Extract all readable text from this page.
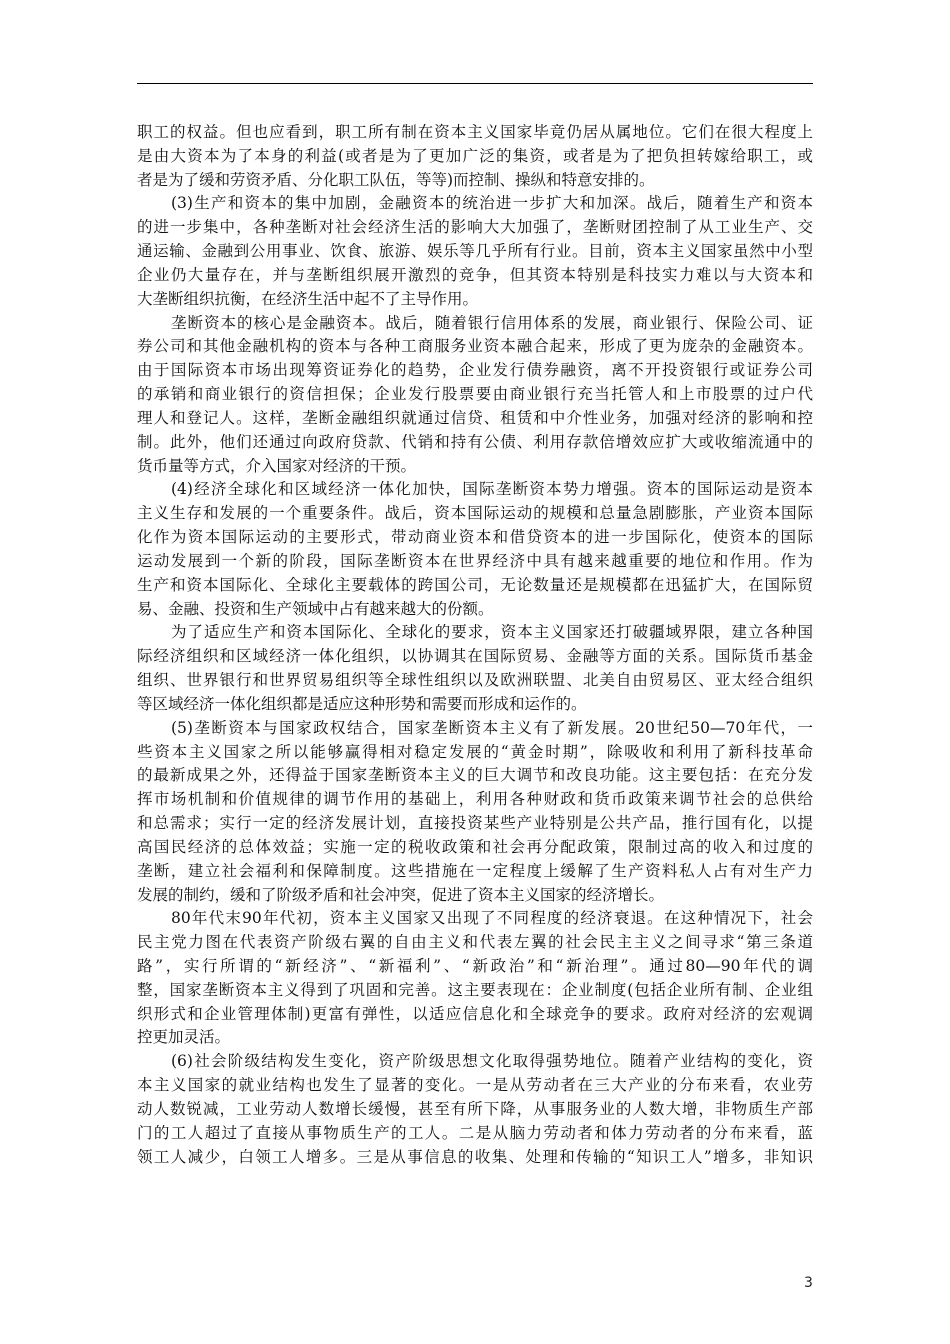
职工的权益。但也应看到，职工所有制在资本主义国家毕竟仍居从属地位。它们在很大程度上
是由大资本为了本身的利益(或者是为了更加广泛的集资，或者是为了把负担转嫁给职工，或
者是为了缓和劳资矛盾、分化职工队伍，等等)而控制、操纵和特意安排的。
(3)生产和资本的集中加剧，金融资本的统治进一步扩大和加深。战后，随着生产和资本
的进一步集中，各种垄断对社会经济生活的影响大大加强了，垄断财团控制了从工业生产、交
通运输、金融到公用事业、饮食、旅游、娱乐等几乎所有行业。目前，资本主义国家虽然中小型
企业仍大量存在，并与垄断组织展开激烈的竞争，但其资本特别是科技实力难以与大资本和
大垄断组织抗衡，在经济生活中起不了主导作用。
垄断资本的核心是金融资本。战后，随着银行信用体系的发展，商业银行、保险公司、证
券公司和其他金融机构的资本与各种工商服务业资本融合起来，形成了更为庞杂的金融资本。
由于国际资本市场出现筹资证券化的趋势，企业发行债券融资，离不开投资银行或证券公司
的承销和商业银行的资信担保；企业发行股票要由商业银行充当托管人和上市股票的过户代
理人和登记人。这样，垄断金融组织就通过信贷、租赁和中介性业务，加强对经济的影响和控
制。此外，他们还通过向政府贷款、代销和持有公债、利用存款倍增效应扩大或收缩流通中的
货币量等方式，介入国家对经济的干预。
(4)经济全球化和区域经济一体化加快，国际垄断资本势力增强。资本的国际运动是资本
主义生存和发展的一个重要条件。战后，资本国际运动的规模和总量急剧膨胀，产业资本国际
化作为资本国际运动的主要形式，带动商业资本和借贷资本的进一步国际化，使资本的国际
运动发展到一个新的阶段，国际垄断资本在世界经济中具有越来越重要的地位和作用。作为
生产和资本国际化、全球化主要载体的跨国公司，无论数量还是规模都在迅猛扩大，在国际贸
易、金融、投资和生产领域中占有越来越大的份额。
为了适应生产和资本国际化、全球化的要求，资本主义国家还打破疆域界限，建立各种国
际经济组织和区域经济一体化组织，以协调其在国际贸易、金融等方面的关系。国际货币基金
组织、世界银行和世界贸易组织等全球性组织以及欧洲联盟、北美自由贸易区、亚太经合组织
等区域经济一体化组织都是适应这种形势和需要而形成和运作的。
(5)垄断资本与国家政权结合，国家垄断资本主义有了新发展。20世纪50—70年代，一
些资本主义国家之所以能够赢得相对稳定发展的“黄金时期”，除吸收和利用了新科技革命
的最新成果之外，还得益于国家垄断资本主义的巨大调节和改良功能。这主要包括：在充分发
挥市场机制和价值规律的调节作用的基础上，利用各种财政和货币政策来调节社会的总供给
和总需求；实行一定的经济发展计划，直接投资某些产业特别是公共产品，推行国有化，以提
高国民经济的总体效益；实施一定的税收政策和社会再分配政策，限制过高的收入和过度的
垄断，建立社会福利和保障制度。这些措施在一定程度上缓解了生产资料私人占有对生产力
发展的制约，缓和了阶级矛盾和社会冲突，促进了资本主义国家的经济增长。
80年代末90年代初，资本主义国家又出现了不同程度的经济衰退。在这种情况下，社会
民主党力图在代表资产阶级右翼的自由主义和代表左翼的社会民主主义之间寻求“第三条道
路”，实行所谓的“新经济”、“新福利”、“新政治”和“新治理”。通过80—90年代的调
整，国家垄断资本主义得到了巩固和完善。这主要表现在：企业制度(包括企业所有制、企业组
织形式和企业管理体制)更富有弹性，以适应信息化和全球竞争的要求。政府对经济的宏观调
控更加灵活。
(6)社会阶级结构发生变化，资产阶级思想文化取得强势地位。随着产业结构的变化，资
本主义国家的就业结构也发生了显著的变化。一是从劳动者在三大产业的分布来看，农业劳
动人数锐减，工业劳动人数增长缓慢，甚至有所下降，从事服务业的人数大增，非物质生产部
门的工人超过了直接从事物质生产的工人。二是从脑力劳动者和体力劳动者的分布来看，蓝
领工人减少，白领工人增多。三是从事信息的收集、处理和传输的“知识工人”增多，非知识
3
